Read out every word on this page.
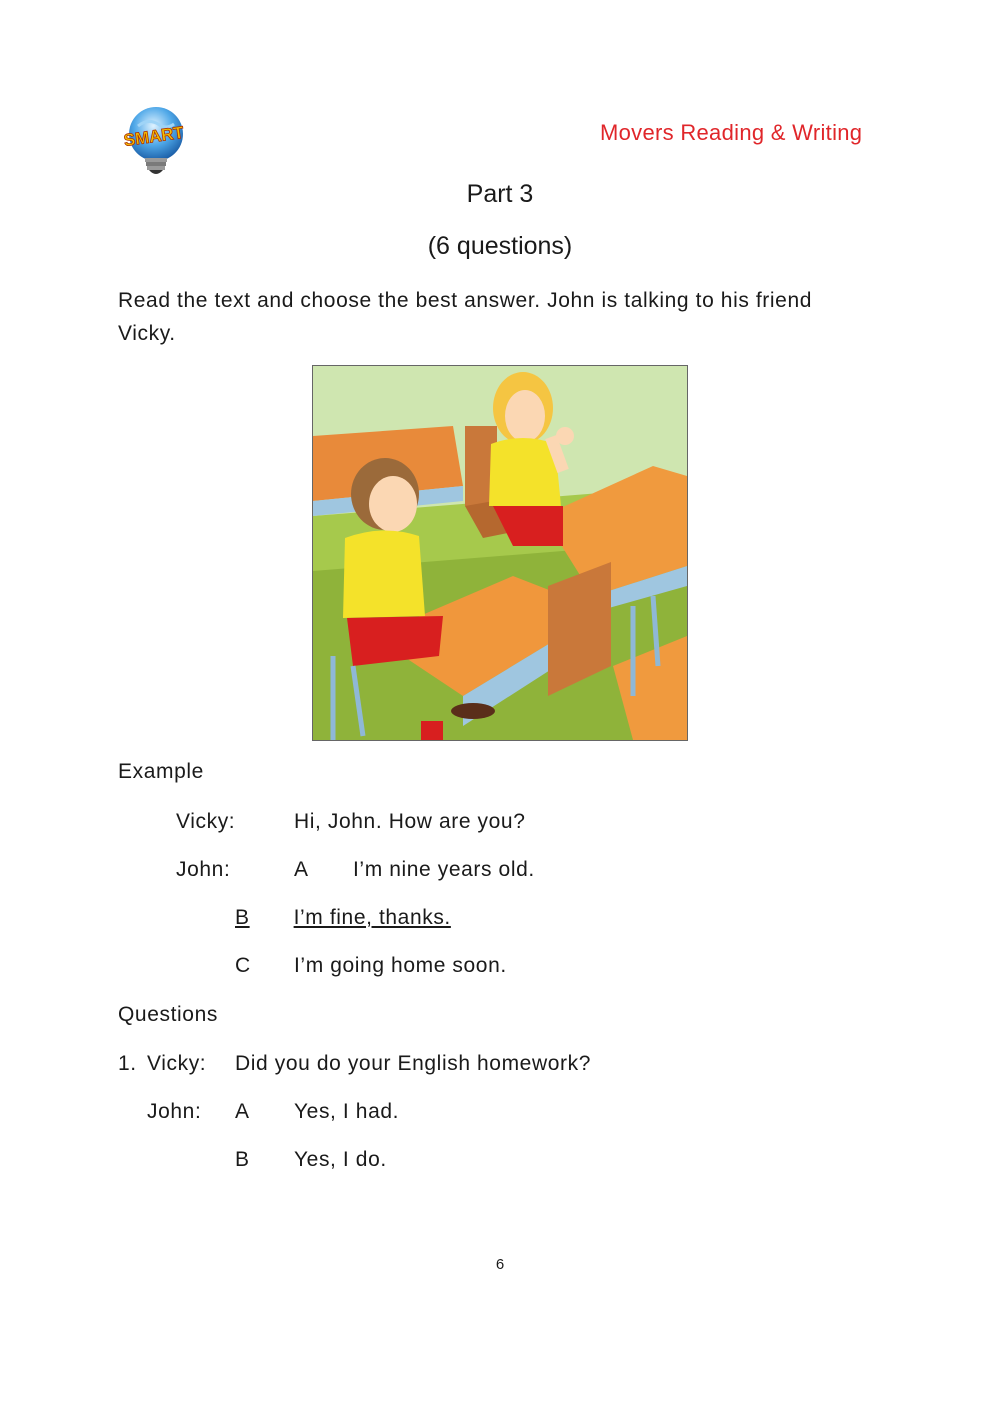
SMART	Movers Reading & Writing
Part 3
(6 questions)
Read the text and choose the best answer. John is talking to his friend Vicky.
Example
Vicky:	Hi, John. How are you?
John:	A I’m nine years old.
B I’m fine, thanks.
C I’m going home soon.
Questions
1. Vicky: Did you do your English homework?
John: A Yes, I had.
B Yes, I do.
6
